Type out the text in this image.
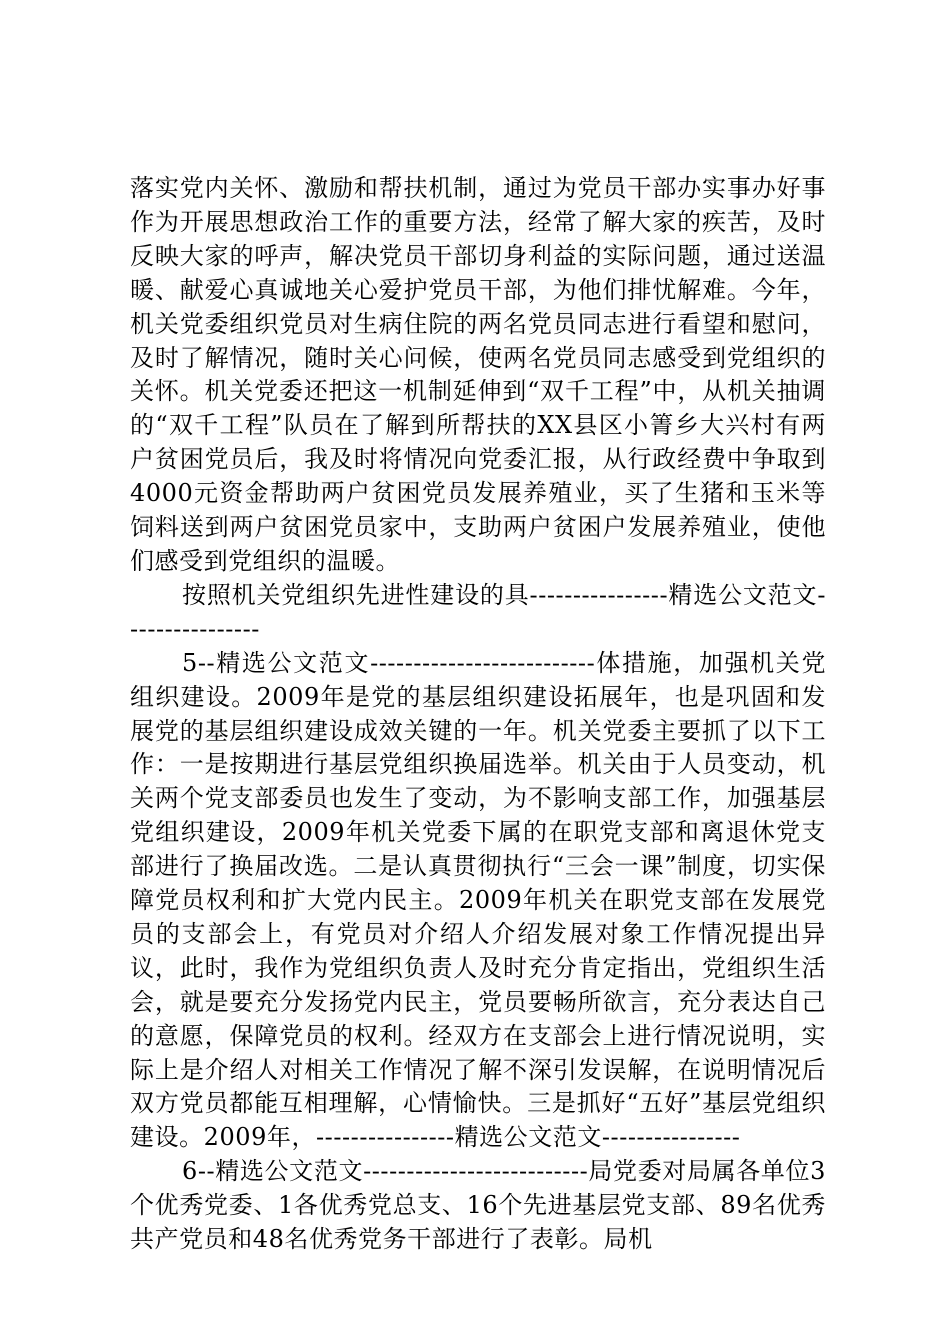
落实党内关怀、激励和帮扶机制，通过为党员干部办实事办好事作为开展思想政治工作的重要方法，经常了解大家的疾苦，及时反映大家的呼声，解决党员干部切身利益的实际问题，通过送温暖、献爱心真诚地关心爱护党员干部，为他们排忧解难。今年，机关党委组织党员对生病住院的两名党员同志进行看望和慰问，及时了解情况，随时关心问候，使两名党员同志感受到党组织的关怀。机关党委还把这一机制延伸到“双千工程”中，从机关抽调的“双千工程”队员在了解到所帮扶的XX县区小箐乡大兴村有两户贫困党员后，我及时将情况向党委汇报，从行政经费中争取到4000元资金帮助两户贫困党员发展养殖业，买了生猪和玉米等饲料送到两户贫困党员家中，支助两户贫困户发展养殖业，使他们感受到党组织的温暖。

按照机关党组织先进性建设的具----------------精选公文范文----------------

5--精选公文范文--------------------------体措施，加强机关党组织建设。2009年是党的基层组织建设拓展年，也是巩固和发展党的基层组织建设成效关键的一年。机关党委主要抓了以下工作：一是按期进行基层党组织换届选举。机关由于人员变动，机关两个党支部委员也发生了变动，为不影响支部工作，加强基层党组织建设，2009年机关党委下属的在职党支部和离退休党支部进行了换届改选。二是认真贯彻执行“三会一课”制度，切实保障党员权利和扩大党内民主。2009年机关在职党支部在发展党员的支部会上，有党员对介绍人介绍发展对象工作情况提出异议，此时，我作为党组织负责人及时充分肯定指出，党组织生活会，就是要充分发扬党内民主，党员要畅所欲言，充分表达自己的意愿，保障党员的权利。经双方在支部会上进行情况说明，实际上是介绍人对相关工作情况了解不深引发误解，在说明情况后双方党员都能互相理解，心情愉快。三是抓好“五好”基层党组织建设。2009年，----------------精选公文范文----------------

6--精选公文范文--------------------------局党委对局属各单位3个优秀党委、1各优秀党总支、16个先进基层党支部、89名优秀共产党员和48名优秀党务干部进行了表彰。局机
